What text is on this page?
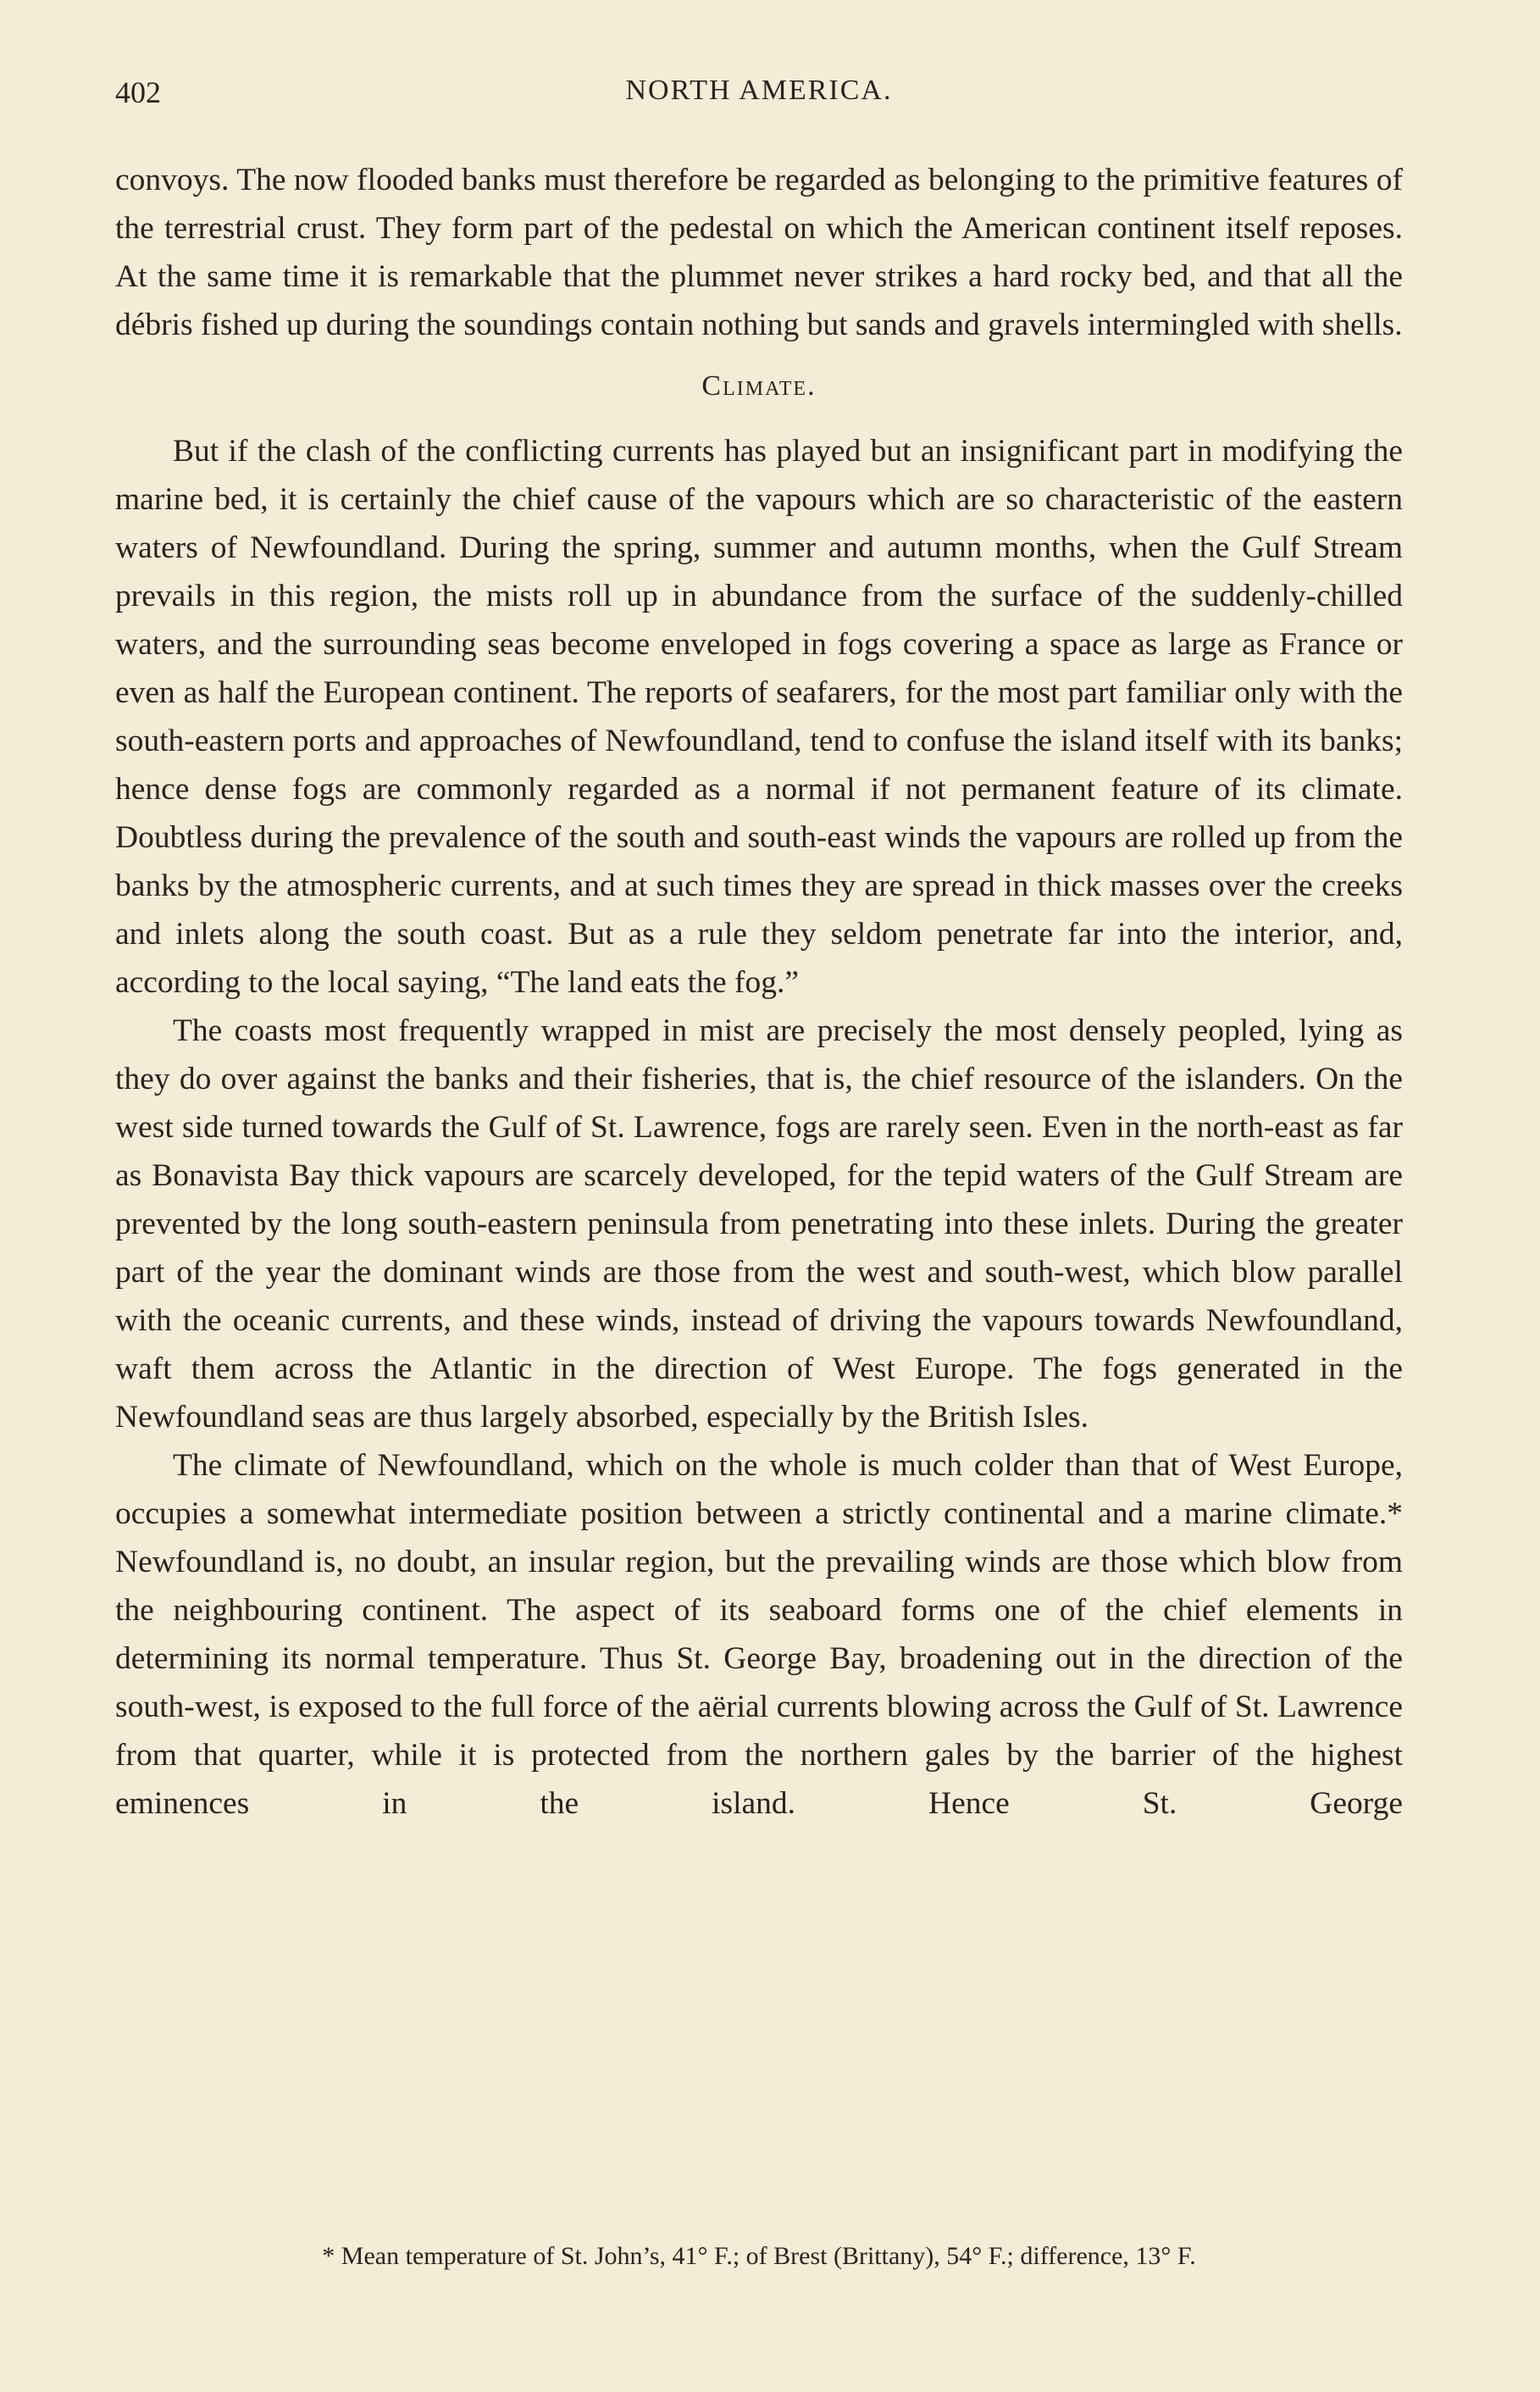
402	NORTH AMERICA.

convoys. The now flooded banks must therefore be regarded as belonging to the primitive features of the terrestrial crust. They form part of the pedestal on which the American continent itself reposes. At the same time it is remarkable that the plummet never strikes a hard rocky bed, and that all the débris fished up during the soundings contain nothing but sands and gravels intermingled with shells.

Climate.

But if the clash of the conflicting currents has played but an insignificant part in modifying the marine bed, it is certainly the chief cause of the vapours which are so characteristic of the eastern waters of Newfoundland. During the spring, summer and autumn months, when the Gulf Stream prevails in this region, the mists roll up in abundance from the surface of the suddenly-chilled waters, and the surrounding seas become enveloped in fogs covering a space as large as France or even as half the European continent. The reports of seafarers, for the most part familiar only with the south-eastern ports and approaches of Newfoundland, tend to confuse the island itself with its banks; hence dense fogs are commonly regarded as a normal if not permanent feature of its climate. Doubtless during the prevalence of the south and south-east winds the vapours are rolled up from the banks by the atmospheric currents, and at such times they are spread in thick masses over the creeks and inlets along the south coast. But as a rule they seldom penetrate far into the interior, and, according to the local saying, “The land eats the fog.”

The coasts most frequently wrapped in mist are precisely the most densely peopled, lying as they do over against the banks and their fisheries, that is, the chief resource of the islanders. On the west side turned towards the Gulf of St. Lawrence, fogs are rarely seen. Even in the north-east as far as Bonavista Bay thick vapours are scarcely developed, for the tepid waters of the Gulf Stream are prevented by the long south-eastern peninsula from penetrating into these inlets. During the greater part of the year the dominant winds are those from the west and south-west, which blow parallel with the oceanic currents, and these winds, instead of driving the vapours towards Newfoundland, waft them across the Atlantic in the direction of West Europe. The fogs generated in the Newfoundland seas are thus largely absorbed, especially by the British Isles.

The climate of Newfoundland, which on the whole is much colder than that of West Europe, occupies a somewhat intermediate position between a strictly continental and a marine climate.* Newfoundland is, no doubt, an insular region, but the prevailing winds are those which blow from the neighbouring continent. The aspect of its seaboard forms one of the chief elements in determining its normal temperature. Thus St. George Bay, broadening out in the direction of the south-west, is exposed to the full force of the aërial currents blowing across the Gulf of St. Lawrence from that quarter, while it is protected from the northern gales by the barrier of the highest eminences in the island. Hence St. George

* Mean temperature of St. John’s, 41° F.; of Brest (Brittany), 54° F.; difference, 13° F.
